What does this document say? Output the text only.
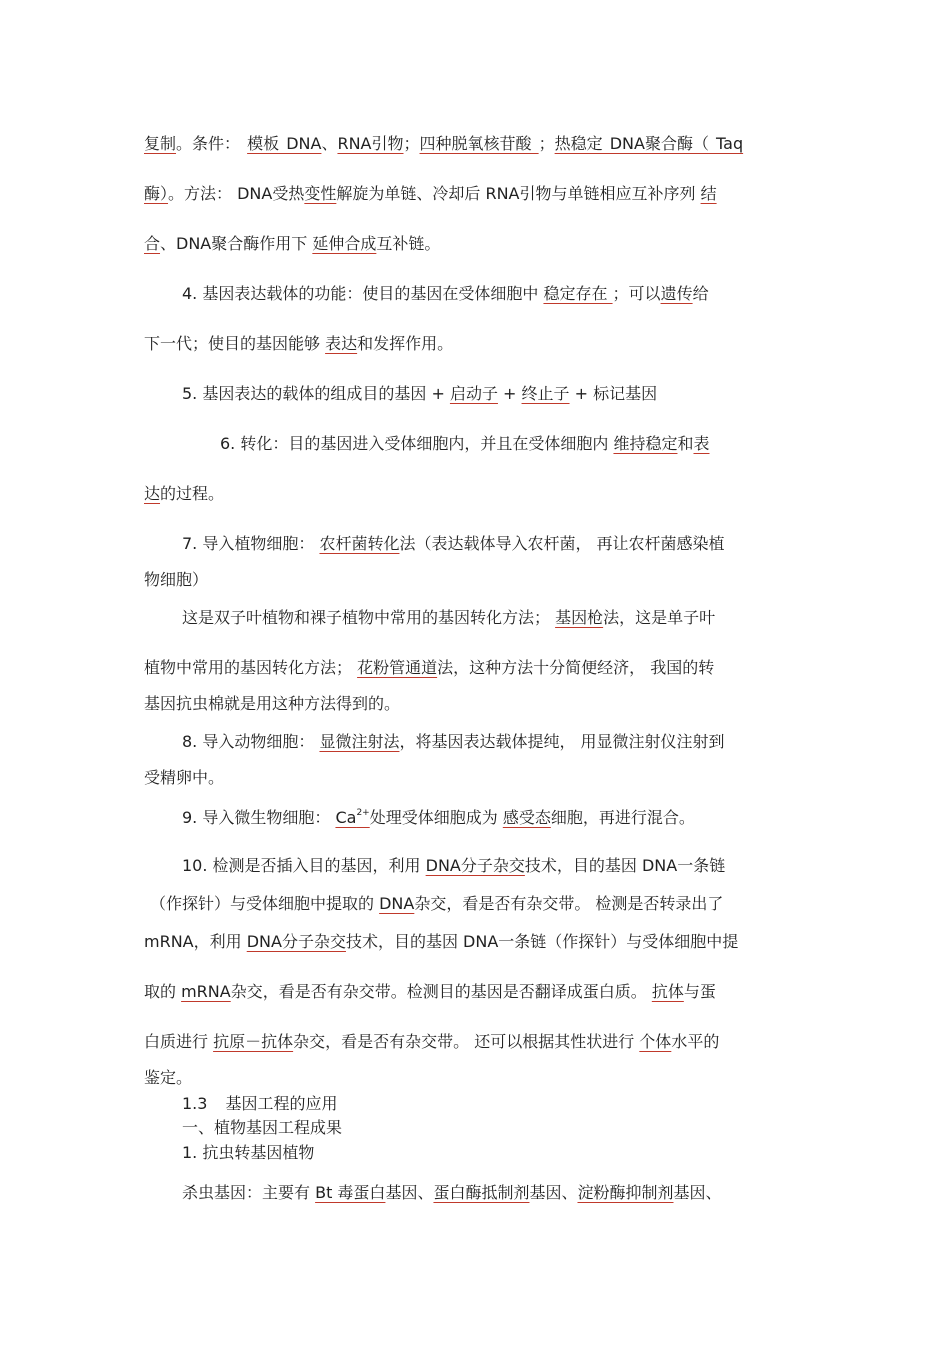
复制。条件： 模板 DNA、RNA引物；四种脱氧核苷酸 ；热稳定 DNA聚合酶（ Taq
酶）。方法： DNA受热变性解旋为单链、冷却后 RNA引物与单链相应互补序列 结
合、DNA聚合酶作用下 延伸合成互补链。
4. 基因表达载体的功能：使目的基因在受体细胞中 稳定存在 ；可以遗传给
下一代；使目的基因能够 表达和发挥作用。
5. 基因表达的载体的组成目的基因 + 启动子 + 终止子 + 标记基因
6. 转化：目的基因进入受体细胞内，并且在受体细胞内 维持稳定和表
达的过程。
7. 导入植物细胞： 农杆菌转化法（表达载体导入农杆菌， 再让农杆菌感染植
物细胞）
这是双子叶植物和裸子植物中常用的基因转化方法； 基因枪法，这是单子叶
植物中常用的基因转化方法； 花粉管通道法，这种方法十分简便经济， 我国的转
基因抗虫棉就是用这种方法得到的。
8. 导入动物细胞： 显微注射法，将基因表达载体提纯， 用显微注射仪注射到
受精卵中。
9. 导入微生物细胞： $Ca^{2+}$处理受体细胞成为 感受态细胞，再进行混合。
10. 检测是否插入目的基因，利用 DNA分子杂交技术，目的基因 DNA一条链
（作探针）与受体细胞中提取的 DNA杂交，看是否有杂交带。 检测是否转录出了
mRNA，利用 DNA分子杂交技术，目的基因 DNA一条链（作探针）与受体细胞中提
取的 mRNA杂交，看是否有杂交带。检测目的基因是否翻译成蛋白质。 抗体与蛋
白质进行 抗原－抗体杂交，看是否有杂交带。 还可以根据其性状进行 个体水平的
鉴定。
1.3 基因工程的应用
一、植物基因工程成果
1. 抗虫转基因植物
杀虫基因：主要有 Bt 毒蛋白基因、蛋白酶抵制剂基因、淀粉酶抑制剂基因、
